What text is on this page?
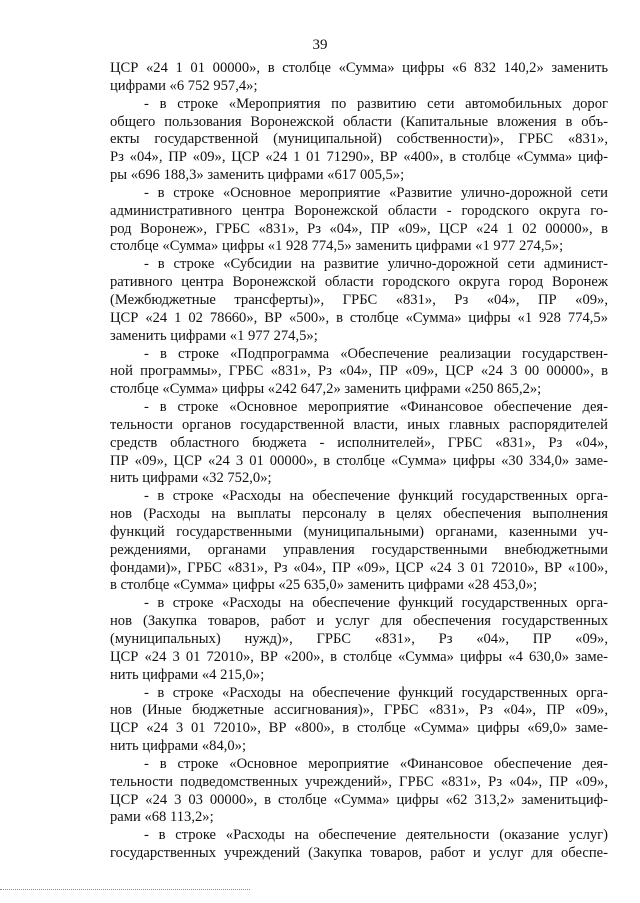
39
ЦСР «24 1 01 00000», в столбце «Сумма» цифры «6 832 140,2» заменить
цифрами «6 752 957,4»;
- в строке «Мероприятия по развитию сети автомобильных дорог
общего пользования Воронежской области (Капитальные вложения в объ-
екты государственной (муниципальной) собственности)», ГРБС «831»,
Рз «04», ПР «09», ЦСР «24 1 01 71290», ВР «400», в столбце «Сумма» циф-
ры «696 188,3» заменить цифрами «617 005,5»;
- в строке «Основное мероприятие «Развитие улично-дорожной сети
административного центра Воронежской области - городского округа го-
род Воронеж», ГРБС «831», Рз «04», ПР «09», ЦСР «24 1 02 00000», в
столбце «Сумма» цифры «1 928 774,5» заменить цифрами «1 977 274,5»;
- в строке «Субсидии на развитие улично-дорожной сети админист-
ративного центра Воронежской области городского округа город Воронеж
(Межбюджетные трансферты)», ГРБС «831», Рз «04», ПР «09»,
ЦСР «24 1 02 78660», ВР «500», в столбце «Сумма» цифры «1 928 774,5»
заменить цифрами «1 977 274,5»;
- в строке «Подпрограмма «Обеспечение реализации государствен-
ной программы», ГРБС «831», Рз «04», ПР «09», ЦСР «24 3 00 00000», в
столбце «Сумма» цифры «242 647,2» заменить цифрами «250 865,2»;
- в строке «Основное мероприятие «Финансовое обеспечение дея-
тельности органов государственной власти, иных главных распорядителей
средств областного бюджета - исполнителей», ГРБС «831», Рз «04»,
ПР «09», ЦСР «24 3 01 00000», в столбце «Сумма» цифры «30 334,0» заме-
нить цифрами «32 752,0»;
- в строке «Расходы на обеспечение функций государственных орга-
нов (Расходы на выплаты персоналу в целях обеспечения выполнения
функций государственными (муниципальными) органами, казенными уч-
реждениями, органами управления государственными внебюджетными
фондами)», ГРБС «831», Рз «04», ПР «09», ЦСР «24 3 01 72010», ВР «100»,
в столбце «Сумма» цифры «25 635,0» заменить цифрами «28 453,0»;
- в строке «Расходы на обеспечение функций государственных орга-
нов (Закупка товаров, работ и услуг для обеспечения государственных
(муниципальных) нужд)», ГРБС «831», Рз «04», ПР «09»,
ЦСР «24 3 01 72010», ВР «200», в столбце «Сумма» цифры «4 630,0» заме-
нить цифрами «4 215,0»;
- в строке «Расходы на обеспечение функций государственных орга-
нов (Иные бюджетные ассигнования)», ГРБС «831», Рз «04», ПР «09»,
ЦСР «24 3 01 72010», ВР «800», в столбце «Сумма» цифры «69,0» заме-
нить цифрами «84,0»;
- в строке «Основное мероприятие «Финансовое обеспечение дея-
тельности подведомственных учреждений», ГРБС «831», Рз «04», ПР «09»,
ЦСР «24 3 03 00000», в столбце «Сумма» цифры «62 313,2» заменитьциф-
рами «68 113,2»;
- в строке «Расходы на обеспечение деятельности (оказание услуг)
государственных учреждений (Закупка товаров, работ и услуг для обеспе-
